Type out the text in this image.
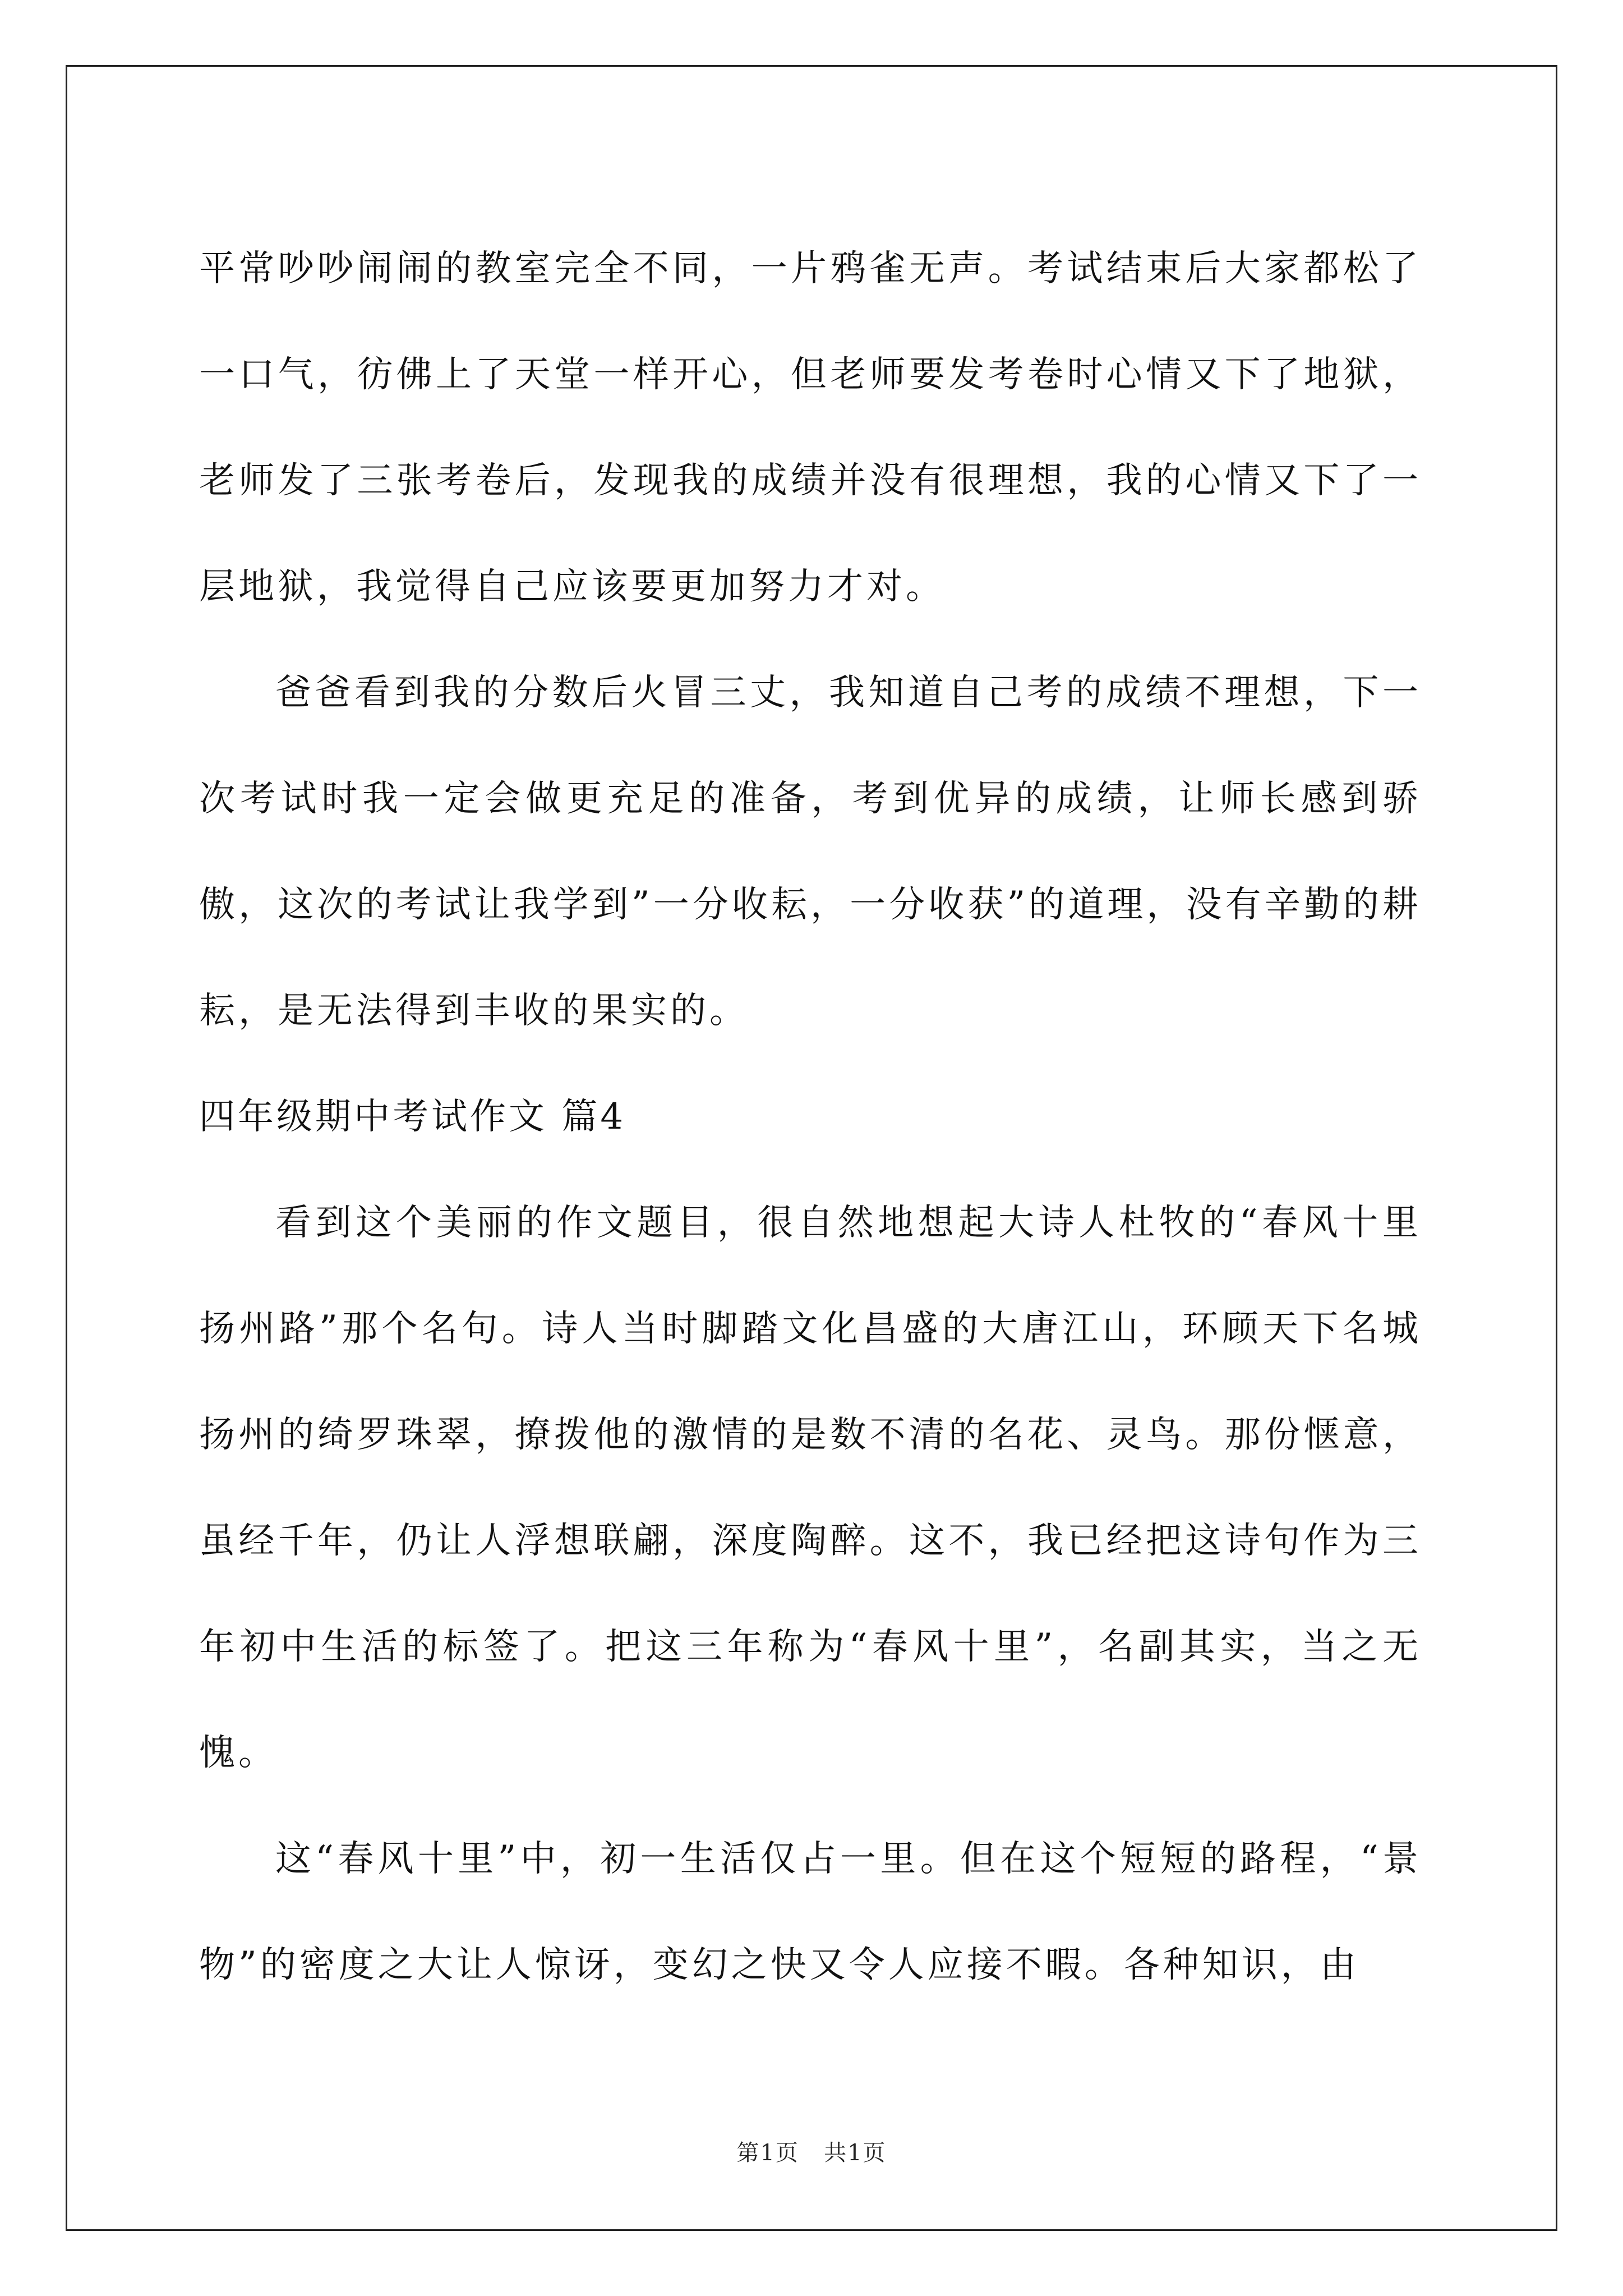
平常吵吵闹闹的教室完全不同，一片鸦雀无声。考试结束后大家都松了一口气，彷佛上了天堂一样开心，但老师要发考卷时心情又下了地狱，老师发了三张考卷后，发现我的成绩并没有很理想，我的心情又下了一层地狱，我觉得自己应该要更加努力才对。

爸爸看到我的分数后火冒三丈，我知道自己考的成绩不理想，下一次考试时我一定会做更充足的准备，考到优异的成绩，让师长感到骄傲，这次的考试让我学到”一分收耘，一分收获”的道理，没有辛勤的耕耘，是无法得到丰收的果实的。

四年级期中考试作文 篇4

看到这个美丽的作文题目，很自然地想起大诗人杜牧的“春风十里扬州路”那个名句。诗人当时脚踏文化昌盛的大唐江山，环顾天下名城扬州的绮罗珠翠，撩拨他的激情的是数不清的名花、灵鸟。那份惬意，虽经千年，仍让人浮想联翩，深度陶醉。这不，我已经把这诗句作为三年初中生活的标签了。把这三年称为“春风十里”，名副其实，当之无愧。

这“春风十里”中，初一生活仅占一里。但在这个短短的路程，“景物”的密度之大让人惊讶，变幻之快又令人应接不暇。各种知识，由

第1页 共1页
